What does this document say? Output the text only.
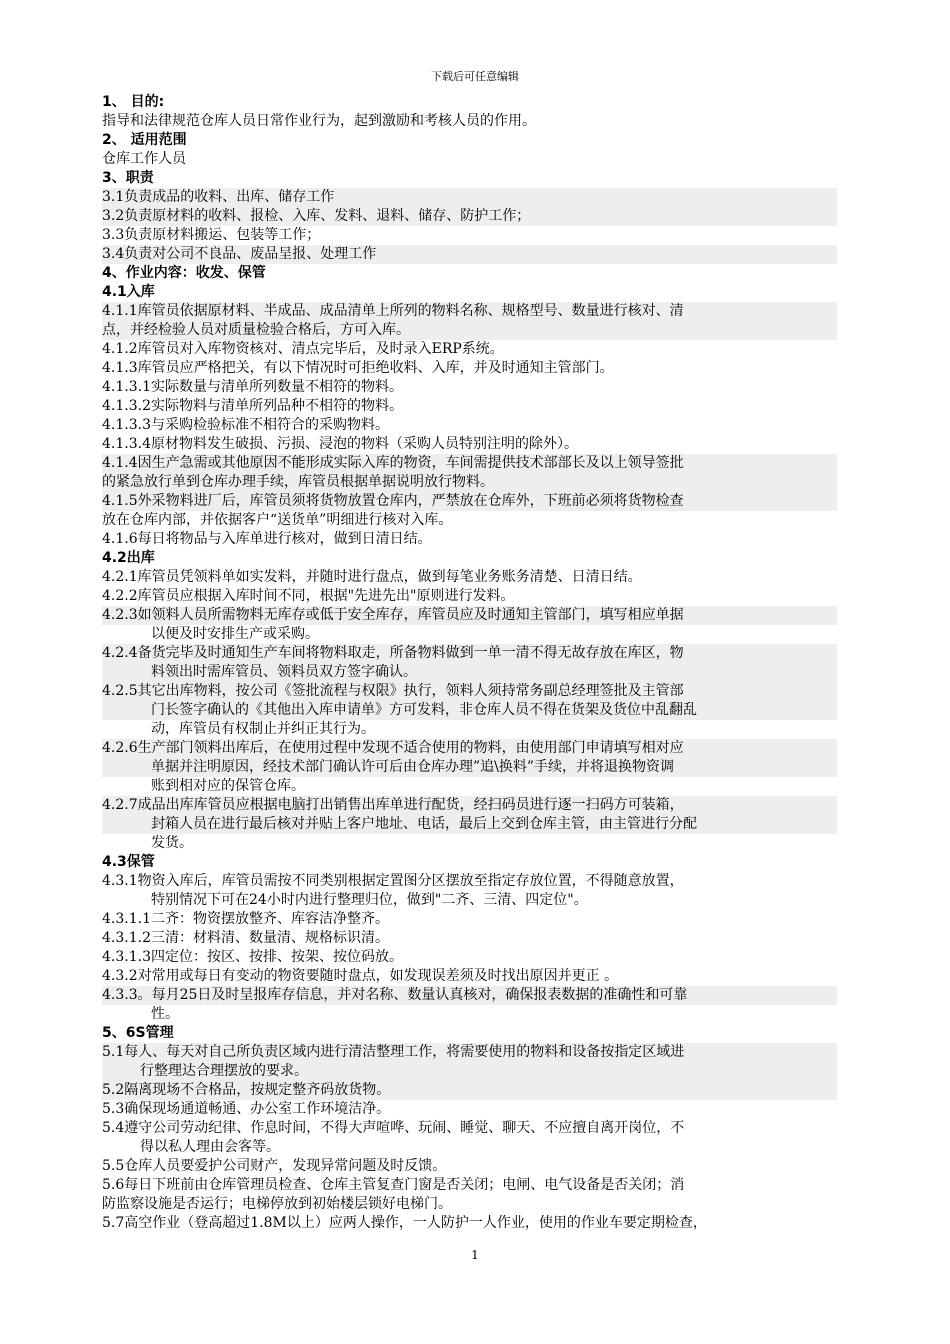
下载后可任意编辑
1、 目的:
指导和法律规范仓库人员日常作业行为，起到激励和考核人员的作用。
2、 适用范围
仓库工作人员
3、职责
3.1负责成品的收料、出库、储存工作
3.2负责原材料的收料、报检、入库、发料、退料、储存、防护工作；
3.3负责原材料搬运、包装等工作；
3.4负责对公司不良品、废品呈报、处理工作
4、作业内容：收发、保管
4.1入库
4.1.1库管员依据原材料、半成品、成品清单上所列的物料名称、规格型号、数量进行核对、清
点，并经检验人员对质量检验合格后，方可入库。
4.1.2库管员对入库物资核对、清点完毕后，及时录入ERP系统。
4.1.3库管员应严格把关，有以下情况时可拒绝收料、入库，并及时通知主管部门。
4.1.3.1实际数量与清单所列数量不相符的物料。
4.1.3.2实际物料与清单所列品种不相符的物料。
4.1.3.3与采购检验标准不相符合的采购物料。
4.1.3.4原材物料发生破损、污损、浸泡的物料（采购人员特别注明的除外）。
4.1.4因生产急需或其他原因不能形成实际入库的物资，车间需提供技术部部长及以上领导签批
的紧急放行单到仓库办理手续，库管员根据单据说明放行物料。
4.1.5外采物料进厂后，库管员须将货物放置仓库内，严禁放在仓库外，下班前必须将货物检查
放在仓库内部，并依据客户“送货单”明细进行核对入库。
4.1.6每日将物品与入库单进行核对，做到日清日结。
4.2出库
4.2.1库管员凭领料单如实发料，并随时进行盘点，做到每笔业务账务清楚、日清日结。
4.2.2库管员应根据入库时间不同，根据"先进先出"原则进行发料。
4.2.3如领料人员所需物料无库存或低于安全库存，库管员应及时通知主管部门，填写相应单据
以便及时安排生产或采购。
4.2.4备货完毕及时通知生产车间将物料取走，所备物料做到一单一清不得无故存放在库区，物
料领出时需库管员、领料员双方签字确认。
4.2.5其它出库物料，按公司《签批流程与权限》执行，领料人须持常务副总经理签批及主管部
门长签字确认的《其他出入库申请单》方可发料，非仓库人员不得在货架及货位中乱翻乱
动，库管员有权制止并纠正其行为。
4.2.6生产部门领料出库后，在使用过程中发现不适合使用的物料，由使用部门申请填写相对应
单据并注明原因，经技术部门确认许可后由仓库办理”追\换料”手续，并将退换物资调
账到相对应的保管仓库。
4.2.7成品出库库管员应根据电脑打出销售出库单进行配货，经扫码员进行逐一扫码方可装箱，
封箱人员在进行最后核对并贴上客户地址、电话，最后上交到仓库主管，由主管进行分配
发货。
4.3保管
4.3.1物资入库后，库管员需按不同类别根据定置图分区摆放至指定存放位置，不得随意放置，
特别情况下可在24小时内进行整理归位，做到"二齐、三清、四定位"。
4.3.1.1二齐：物资摆放整齐、库容洁净整齐。
4.3.1.2三清：材料清、数量清、规格标识清。
4.3.1.3四定位：按区、按排、按架、按位码放。
4.3.2对常用或每日有变动的物资要随时盘点，如发现误差须及时找出原因并更正 。
4.3.3。每月25日及时呈报库存信息，并对名称、数量认真核对，确保报表数据的准确性和可靠
性。
5、6S管理
5.1每人、每天对自己所负责区域内进行清洁整理工作，将需要使用的物料和设备按指定区域进
行整理达合理摆放的要求。
5.2隔离现场不合格品，按规定整齐码放货物。
5.3确保现场通道畅通、办公室工作环境洁净。
5.4遵守公司劳动纪律、作息时间，不得大声喧哗、玩闹、睡觉、聊天、不应擅自离开岗位，不
得以私人理由会客等。
5.5仓库人员要爱护公司财产，发现异常问题及时反馈。
5.6每日下班前由仓库管理员检查、仓库主管复查门窗是否关闭；电闸、电气设备是否关闭；消
防监察设施是否运行；电梯停放到初始楼层锁好电梯门。
5.7高空作业（登高超过1.8M以上）应两人操作，一人防护一人作业，使用的作业车要定期检查，
1
